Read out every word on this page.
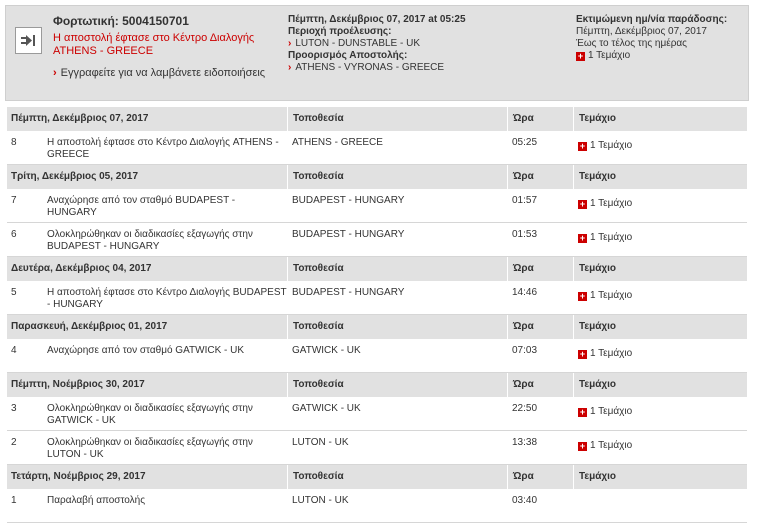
Φορτωτική: 5004150701
Η αποστολή έφτασε στο Κέντρο Διαλογής ATHENS - GREECE
› Εγγραφείτε για να λαμβάνετε ειδοποιήσεις
Πέμπτη, Δεκέμβριος 07, 2017 at 05:25
Περιοχή προέλευσης:
› LUTON - DUNSTABLE - UK
Προορισμός Αποστολής:
› ATHENS - VYRONAS - GREECE
Εκτιμώμενη ημ/νία παράδοσης:
Πέμπτη, Δεκέμβριος 07, 2017
Έως το τέλος της ημέρας
+ 1 Τεμάχιο
Πέμπτη, Δεκέμβριος 07, 2017		Τοποθεσία	Ώρα	Τεμάχιο
8	Η αποστολή έφτασε στο Κέντρο Διαλογής ATHENS - GREECE	ATHENS - GREECE	05:25	+ 1 Τεμάχιο
Τρίτη, Δεκέμβριος 05, 2017		Τοποθεσία	Ώρα	Τεμάχιο
7	Αναχώρησε από τον σταθμό BUDAPEST - HUNGARY	BUDAPEST - HUNGARY	01:57	+ 1 Τεμάχιο
6	Ολοκληρώθηκαν οι διαδικασίες εξαγωγής στην BUDAPEST - HUNGARY	BUDAPEST - HUNGARY	01:53	+ 1 Τεμάχιο
Δευτέρα, Δεκέμβριος 04, 2017		Τοποθεσία	Ώρα	Τεμάχιο
5	Η αποστολή έφτασε στο Κέντρο Διαλογής BUDAPEST - HUNGARY	BUDAPEST - HUNGARY	14:46	+ 1 Τεμάχιο
Παρασκευή, Δεκέμβριος 01, 2017		Τοποθεσία	Ώρα	Τεμάχιο
4	Αναχώρησε από τον σταθμό GATWICK - UK	GATWICK - UK	07:03	+ 1 Τεμάχιο
Πέμπτη, Νοέμβριος 30, 2017		Τοποθεσία	Ώρα	Τεμάχιο
3	Ολοκληρώθηκαν οι διαδικασίες εξαγωγής στην GATWICK - UK	GATWICK - UK	22:50	+ 1 Τεμάχιο
2	Ολοκληρώθηκαν οι διαδικασίες εξαγωγής στην LUTON - UK	LUTON - UK	13:38	+ 1 Τεμάχιο
Τετάρτη, Νοέμβριος 29, 2017		Τοποθεσία	Ώρα	Τεμάχιο
1	Παραλαβή αποστολής	LUTON - UK	03:40	
